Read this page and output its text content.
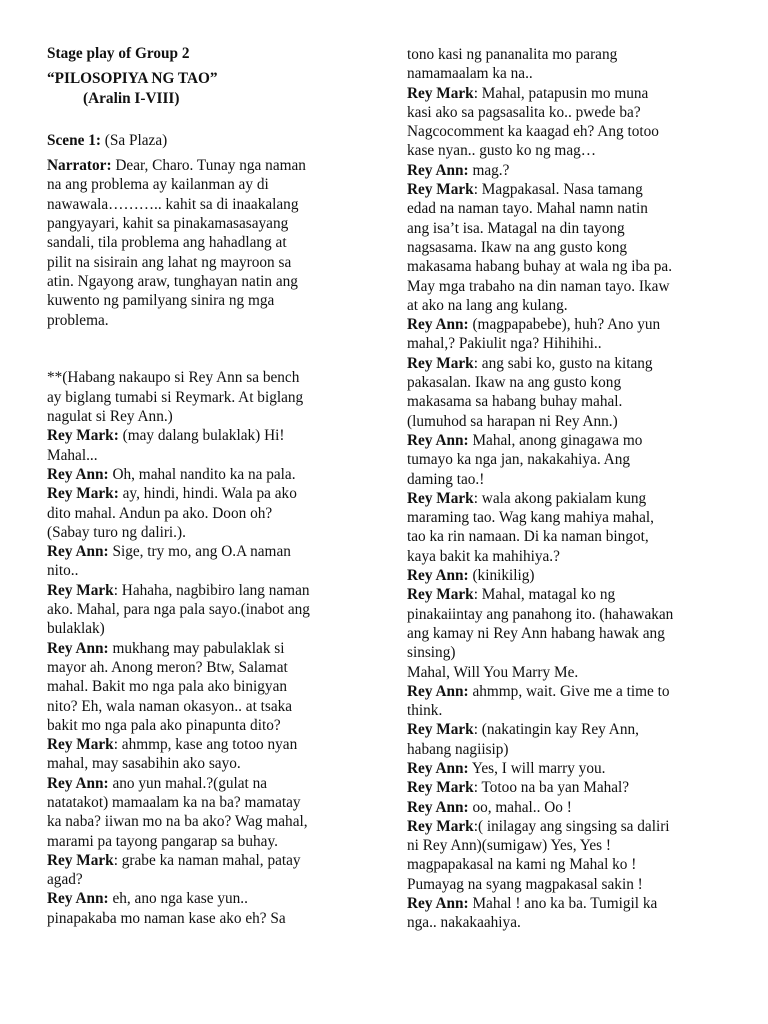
Stage play of Group 2
“PILOSOPIYA NG TAO”
(Aralin I-VIII)
Scene 1: (Sa Plaza)
Narrator: Dear, Charo. Tunay nga naman
na ang problema ay kailanman ay di
nawawala……….. kahit sa di inaakalang
pangyayari, kahit sa pinakamasasayang
sandali, tila problema ang hahadlang at
pilit na sisirain ang lahat ng mayroon sa
atin. Ngayong araw, tunghayan natin ang
kuwento ng pamilyang sinira ng mga
problema.
**(Habang nakaupo si Rey Ann sa bench
ay biglang tumabi si Reymark. At biglang
nagulat si Rey Ann.)
Rey Mark: (may dalang bulaklak) Hi!
Mahal...
Rey Ann: Oh, mahal nandito ka na pala.
Rey Mark: ay, hindi, hindi. Wala pa ako
dito mahal. Andun pa ako. Doon oh?
(Sabay turo ng daliri.).
Rey Ann: Sige, try mo, ang O.A naman
nito..
Rey Mark: Hahaha, nagbibiro lang naman
ako. Mahal, para nga pala sayo.(inabot ang
bulaklak)
Rey Ann: mukhang may pabulaklak si
mayor ah. Anong meron? Btw, Salamat
mahal. Bakit mo nga pala ako binigyan
nito? Eh, wala naman okasyon.. at tsaka
bakit mo nga pala ako pinapunta dito?
Rey Mark: ahmmp, kase ang totoo nyan
mahal, may sasabihin ako sayo.
Rey Ann: ano yun mahal.?(gulat na
natatakot) mamaalam ka na ba? mamatay
ka naba? iiwan mo na ba ako? Wag mahal,
marami pa tayong pangarap sa buhay.
Rey Mark: grabe ka naman mahal, patay
agad?
Rey Ann: eh, ano nga kase yun..
pinapakaba mo naman kase ako eh? Sa
tono kasi ng pananalita mo parang
namamaalam ka na..
Rey Mark: Mahal, patapusin mo muna
kasi ako sa pagsasalita ko.. pwede ba?
Nagcocomment ka kaagad eh? Ang totoo
kase nyan.. gusto ko ng mag…
Rey Ann: mag.?
Rey Mark: Magpakasal. Nasa tamang
edad na naman tayo. Mahal namn natin
ang isa’t isa. Matagal na din tayong
nagsasama. Ikaw na ang gusto kong
makasama habang buhay at wala ng iba pa.
May mga trabaho na din naman tayo. Ikaw
at ako na lang ang kulang.
Rey Ann: (magpapabebe), huh? Ano yun
mahal,? Pakiulit nga? Hihihihi..
Rey Mark: ang sabi ko, gusto na kitang
pakasalan. Ikaw na ang gusto kong
makasama sa habang buhay mahal.
(lumuhod sa harapan ni Rey Ann.)
Rey Ann: Mahal, anong ginagawa mo
tumayo ka nga jan, nakakahiya. Ang
daming tao.!
Rey Mark: wala akong pakialam kung
maraming tao. Wag kang mahiya mahal,
tao ka rin namaan. Di ka naman bingot,
kaya bakit ka mahihiya.?
Rey Ann: (kinikilig)
Rey Mark: Mahal, matagal ko ng
pinakaiintay ang panahong ito. (hahawakan
ang kamay ni Rey Ann habang hawak ang
sinsing)
Mahal, Will You Marry Me.
Rey Ann: ahmmp, wait. Give me a time to
think.
Rey Mark: (nakatingin kay Rey Ann,
habang nagiisip)
Rey Ann: Yes, I will marry you.
Rey Mark: Totoo na ba yan Mahal?
Rey Ann: oo, mahal.. Oo !
Rey Mark:( inilagay ang singsing sa daliri
ni Rey Ann)(sumigaw) Yes, Yes !
magpapakasal na kami ng Mahal ko !
Pumayag na syang magpakasal sakin !
Rey Ann: Mahal ! ano ka ba. Tumigil ka
nga.. nakakaahiya.
